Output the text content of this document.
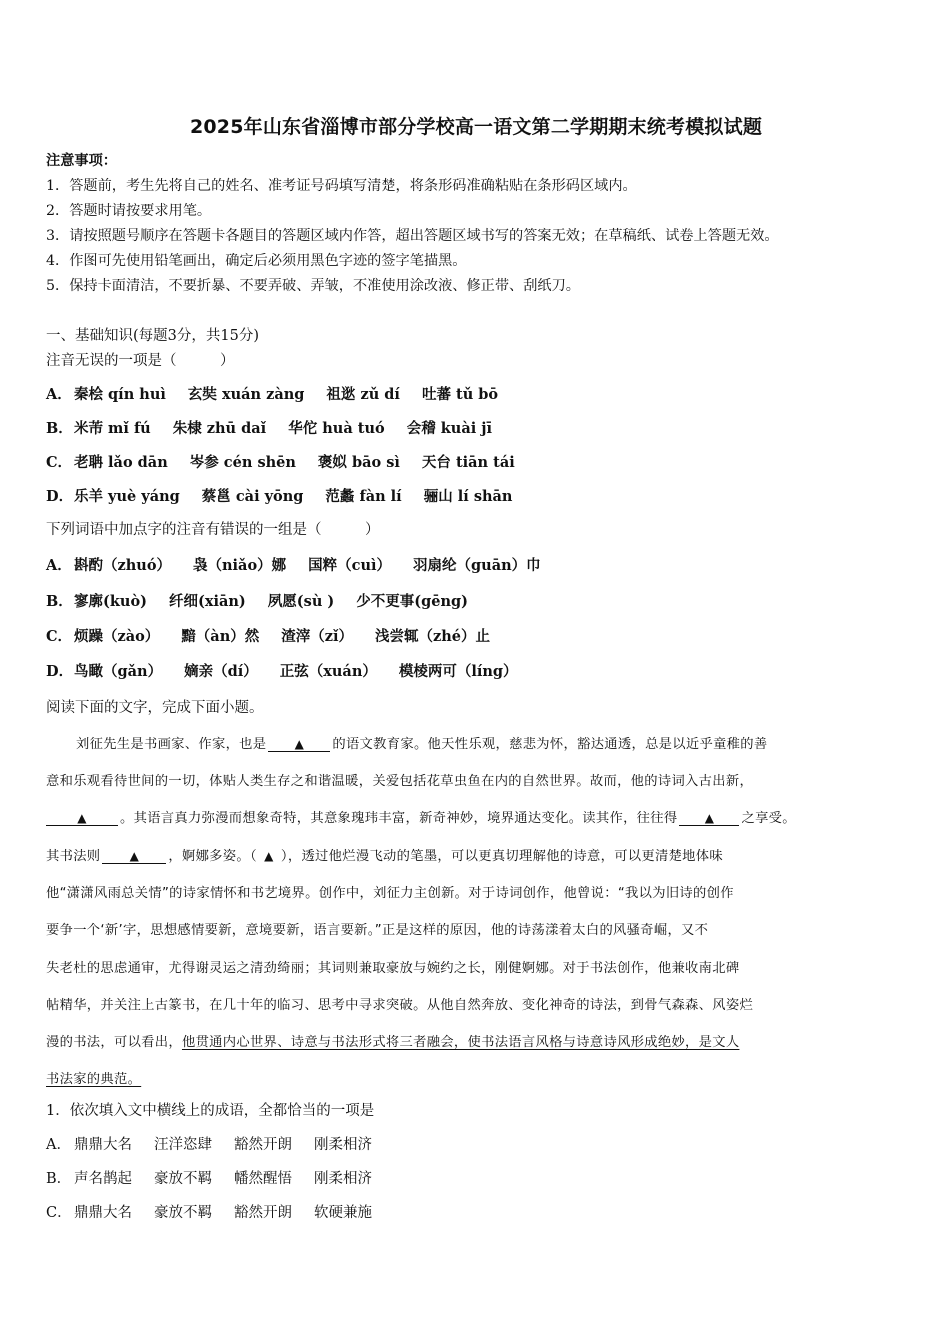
2025年山东省淄博市部分学校高一语文第二学期期末统考模拟试题
注意事项：
1．答题前，考生先将自己的姓名、准考证号码填写清楚，将条形码准确粘贴在条形码区域内。
2．答题时请按要求用笔。
3．请按照题号顺序在答题卡各题目的答题区域内作答，超出答题区域书写的答案无效；在草稿纸、试卷上答题无效。
4．作图可先使用铅笔画出，确定后必须用黑色字迹的签字笔描黑。
5．保持卡面清洁，不要折暴、不要弄破、弄皱，不准使用涂改液、修正带、刮纸刀。
一、基础知识(每题3分，共15分)
注音无误的一项是（　　　）
A． 秦桧 qín huì 玄奘 xuán zàng 祖逖 zǔ dí 吐蕃 tǔ bō
B．米芾 mǐ fú 朱棣 zhū daǐ 华佗 huà tuó 会稽 kuài jī
C． 老聃 lǎo dān 岑参 cén shēn 褒姒 bāo sì 天台 tiān tái
D．乐羊 yuè yáng 蔡邕 cài yōng 范蠡 fàn lí 骊山 lí shān
下列词语中加点字的注音有错误的一组是（　　　）
A． 斟酌（zhuó） 袅（niǎo）娜 国粹（cuì） 羽扇纶（guān）巾
B．寥廓(kuò) 纤细(xiān) 夙愿(sù ) 少不更事(gēng)
C． 烦躁（zào） 黯（àn）然 渣滓（zǐ） 浅尝辄（zhé）止
D．鸟瞰（gǎn） 嫡亲（dí） 正弦（xuán） 模棱两可（líng）
阅读下面的文字，完成下面小题。
刘征先生是书画家、作家，也是 ▲ 的语文教育家。他天性乐观，慈悲为怀，豁达通透，总是以近乎童稚的善
意和乐观看待世间的一切，体贴人类生存之和谐温暖，关爱包括花草虫鱼在内的自然世界。故而，他的诗词入古出新，
▲ 。其语言真力弥漫而想象奇特，其意象瑰玮丰富，新奇神妙，境界通达变化。读其作，往往得 ▲ 之享受。
其书法则 ▲ ，婀娜多姿。（ ▲ ），透过他烂漫飞动的笔墨，可以更真切理解他的诗意，可以更清楚地体味
他“潇潇风雨总关情”的诗家情怀和书艺境界。创作中，刘征力主创新。对于诗词创作，他曾说：“我以为旧诗的创作
要争一个‘新’字，思想感情要新，意境要新，语言要新。”正是这样的原因，他的诗荡漾着太白的风骚奇崛，又不
失老杜的思虑通审，尤得谢灵运之清劲绮丽；其词则兼取豪放与婉约之长，刚健婀娜。对于书法创作，他兼收南北碑
帖精华，并关注上古篆书，在几十年的临习、思考中寻求突破。从他自然奔放、变化神奇的诗法，到骨气森森、风姿烂
漫的书法，可以看出，他贯通内心世界、诗意与书法形式将三者融会，使书法语言风格与诗意诗风形成绝妙，是文人
书法家的典范。
1．依次填入文中横线上的成语，全都恰当的一项是
A． 鼎鼎大名 汪洋恣肆 豁然开朗 刚柔相济
B． 声名鹊起 豪放不羁 幡然醒悟 刚柔相济
C． 鼎鼎大名 豪放不羁 豁然开朗 软硬兼施
